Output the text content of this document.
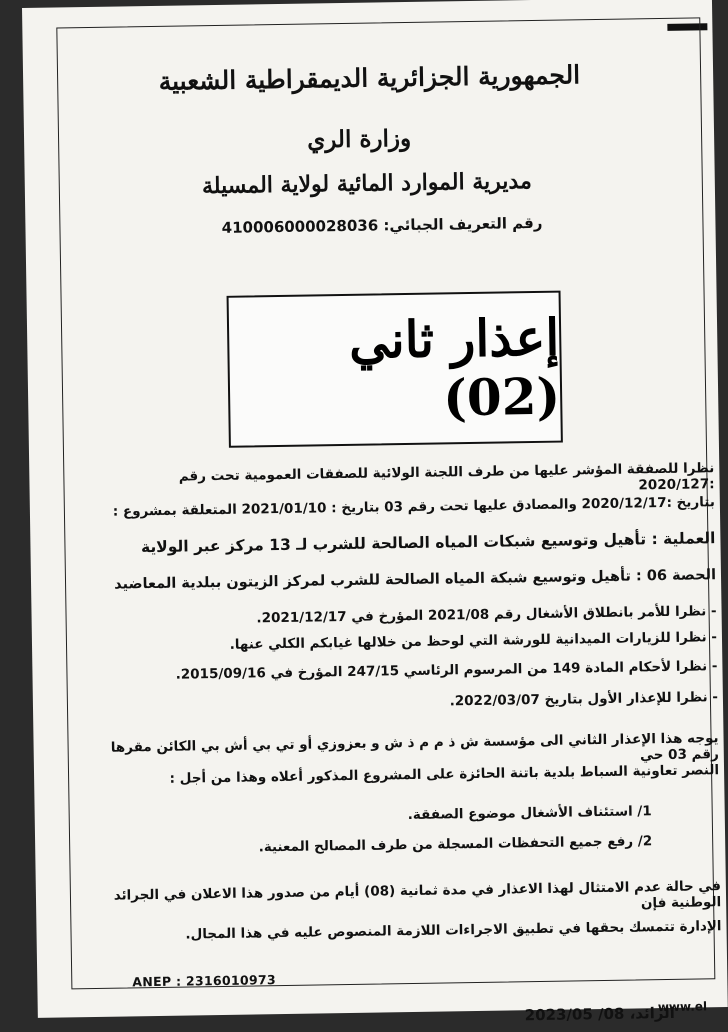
الجمهورية الجزائرية الديمقراطية الشعبية
وزارة الري
مديرية الموارد المائية لولاية المسيلة
رقم التعريف الجبائي: 410006000028036
إعذار ثاني (02)
نظرا للصفقة المؤشر عليها من طرف اللجنة الولائية للصفقات العمومية تحت رقم :2020/127
بتاريخ :2020/12/17 والمصادق عليها تحت رقم 03 بتاريخ : 2021/01/10 المتعلقة بمشروع :
العملية : تأهيل وتوسيع شبكات المياه الصالحة للشرب لـ 13 مركز عبر الولاية
الحصة 06 : تأهيل وتوسيع شبكة المياه الصالحة للشرب لمركز الزيتون ببلدية المعاضيد
- نظرا للأمر بانطلاق الأشغال رقم 2021/08 المؤرخ في 2021/12/17.
- نظرا للزيارات الميدانية للورشة التي لوحظ من خلالها غيابكم الكلي عنها.
- نظرا لأحكام المادة 149 من المرسوم الرئاسي 247/15 المؤرخ في 2015/09/16.
- نظرا للإعذار الأول بتاريخ 2022/03/07.
يوجه هذا الإعذار الثاني الى مؤسسة ش ذ م م ذ ش و بعزوزي أو تي بي أش بي الكائن مقرها رقم 03 حي
النصر تعاونية السباط بلدية باتنة الحائزة على المشروع المذكور أعلاه وهذا من أجل :
1/ استئناف الأشغال موضوع الصفقة.
2/ رفع جميع التحفظات المسجلة من طرف المصالح المعنية.
في حالة عدم الامتثال لهذا الاعذار في مدة ثمانية (08) أيام من صدور هذا الاعلان في الجرائد الوطنية فإن
الإدارة تتمسك بحقها في تطبيق الاجراءات اللازمة المنصوص عليه في هذا المجال.
ANEP : 2316010973
الرائد، 08/ 2023/05
www.el
